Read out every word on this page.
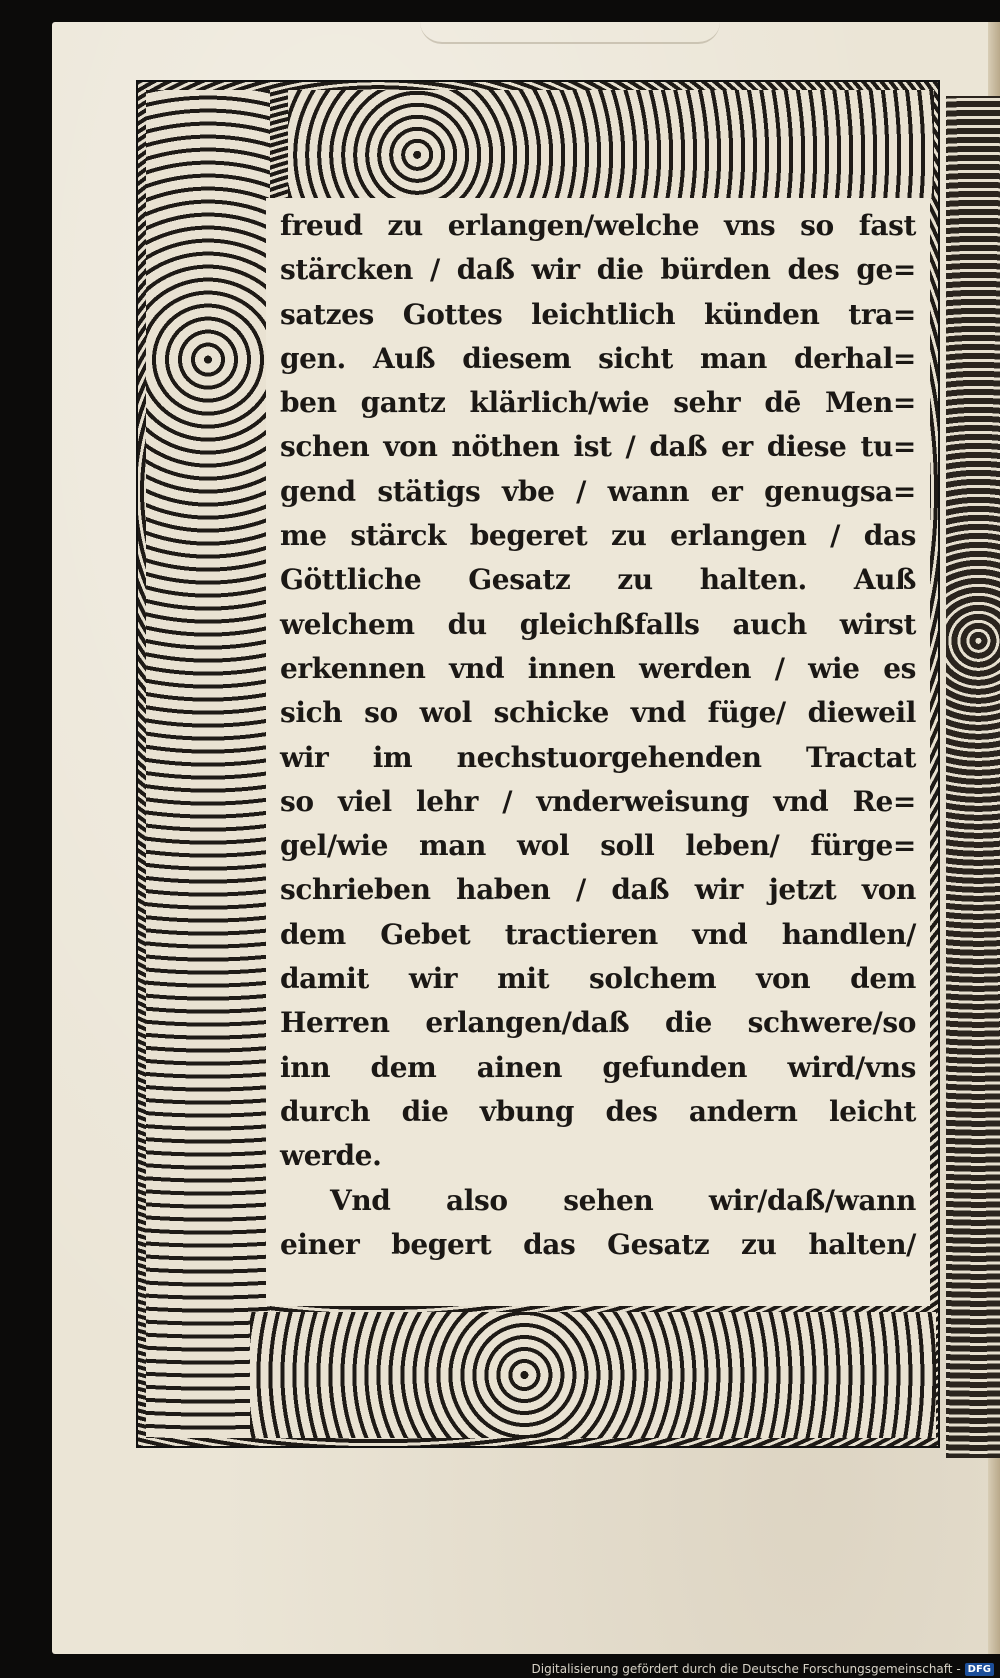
freud zu erlangen/welche vns so fast
stärcken / daß wir die bürden des ge=
satzes Gottes leichtlich künden tra=
gen. Auß diesem sicht man derhal=
ben gantz klärlich/wie sehr dē Men=
schen von nöthen ist / daß er diese tu=
gend stätigs vbe / wann er genugsa=
me stärck begeret zu erlangen / das
Göttliche Gesatz zu halten. Auß
welchem du gleichßfalls auch wirst
erkennen vnd innen werden / wie es
sich so wol schicke vnd füge/ dieweil
wir im nechstuorgehenden Tractat
so viel lehr / vnderweisung vnd Re=
gel/wie man wol soll leben/ fürge=
schrieben haben / daß wir jetzt von
dem Gebet tractieren vnd handlen/
damit wir mit solchem von dem
Herren erlangen/daß die schwere/so
inn dem ainen gefunden wird/vns
durch die vbung des andern leicht
werde.
Vnd also sehen wir/daß/wann
einer begert das Gesatz zu halten/
Digitalisierung gefördert durch die Deutsche Forschungsgemeinschaft - DFG
